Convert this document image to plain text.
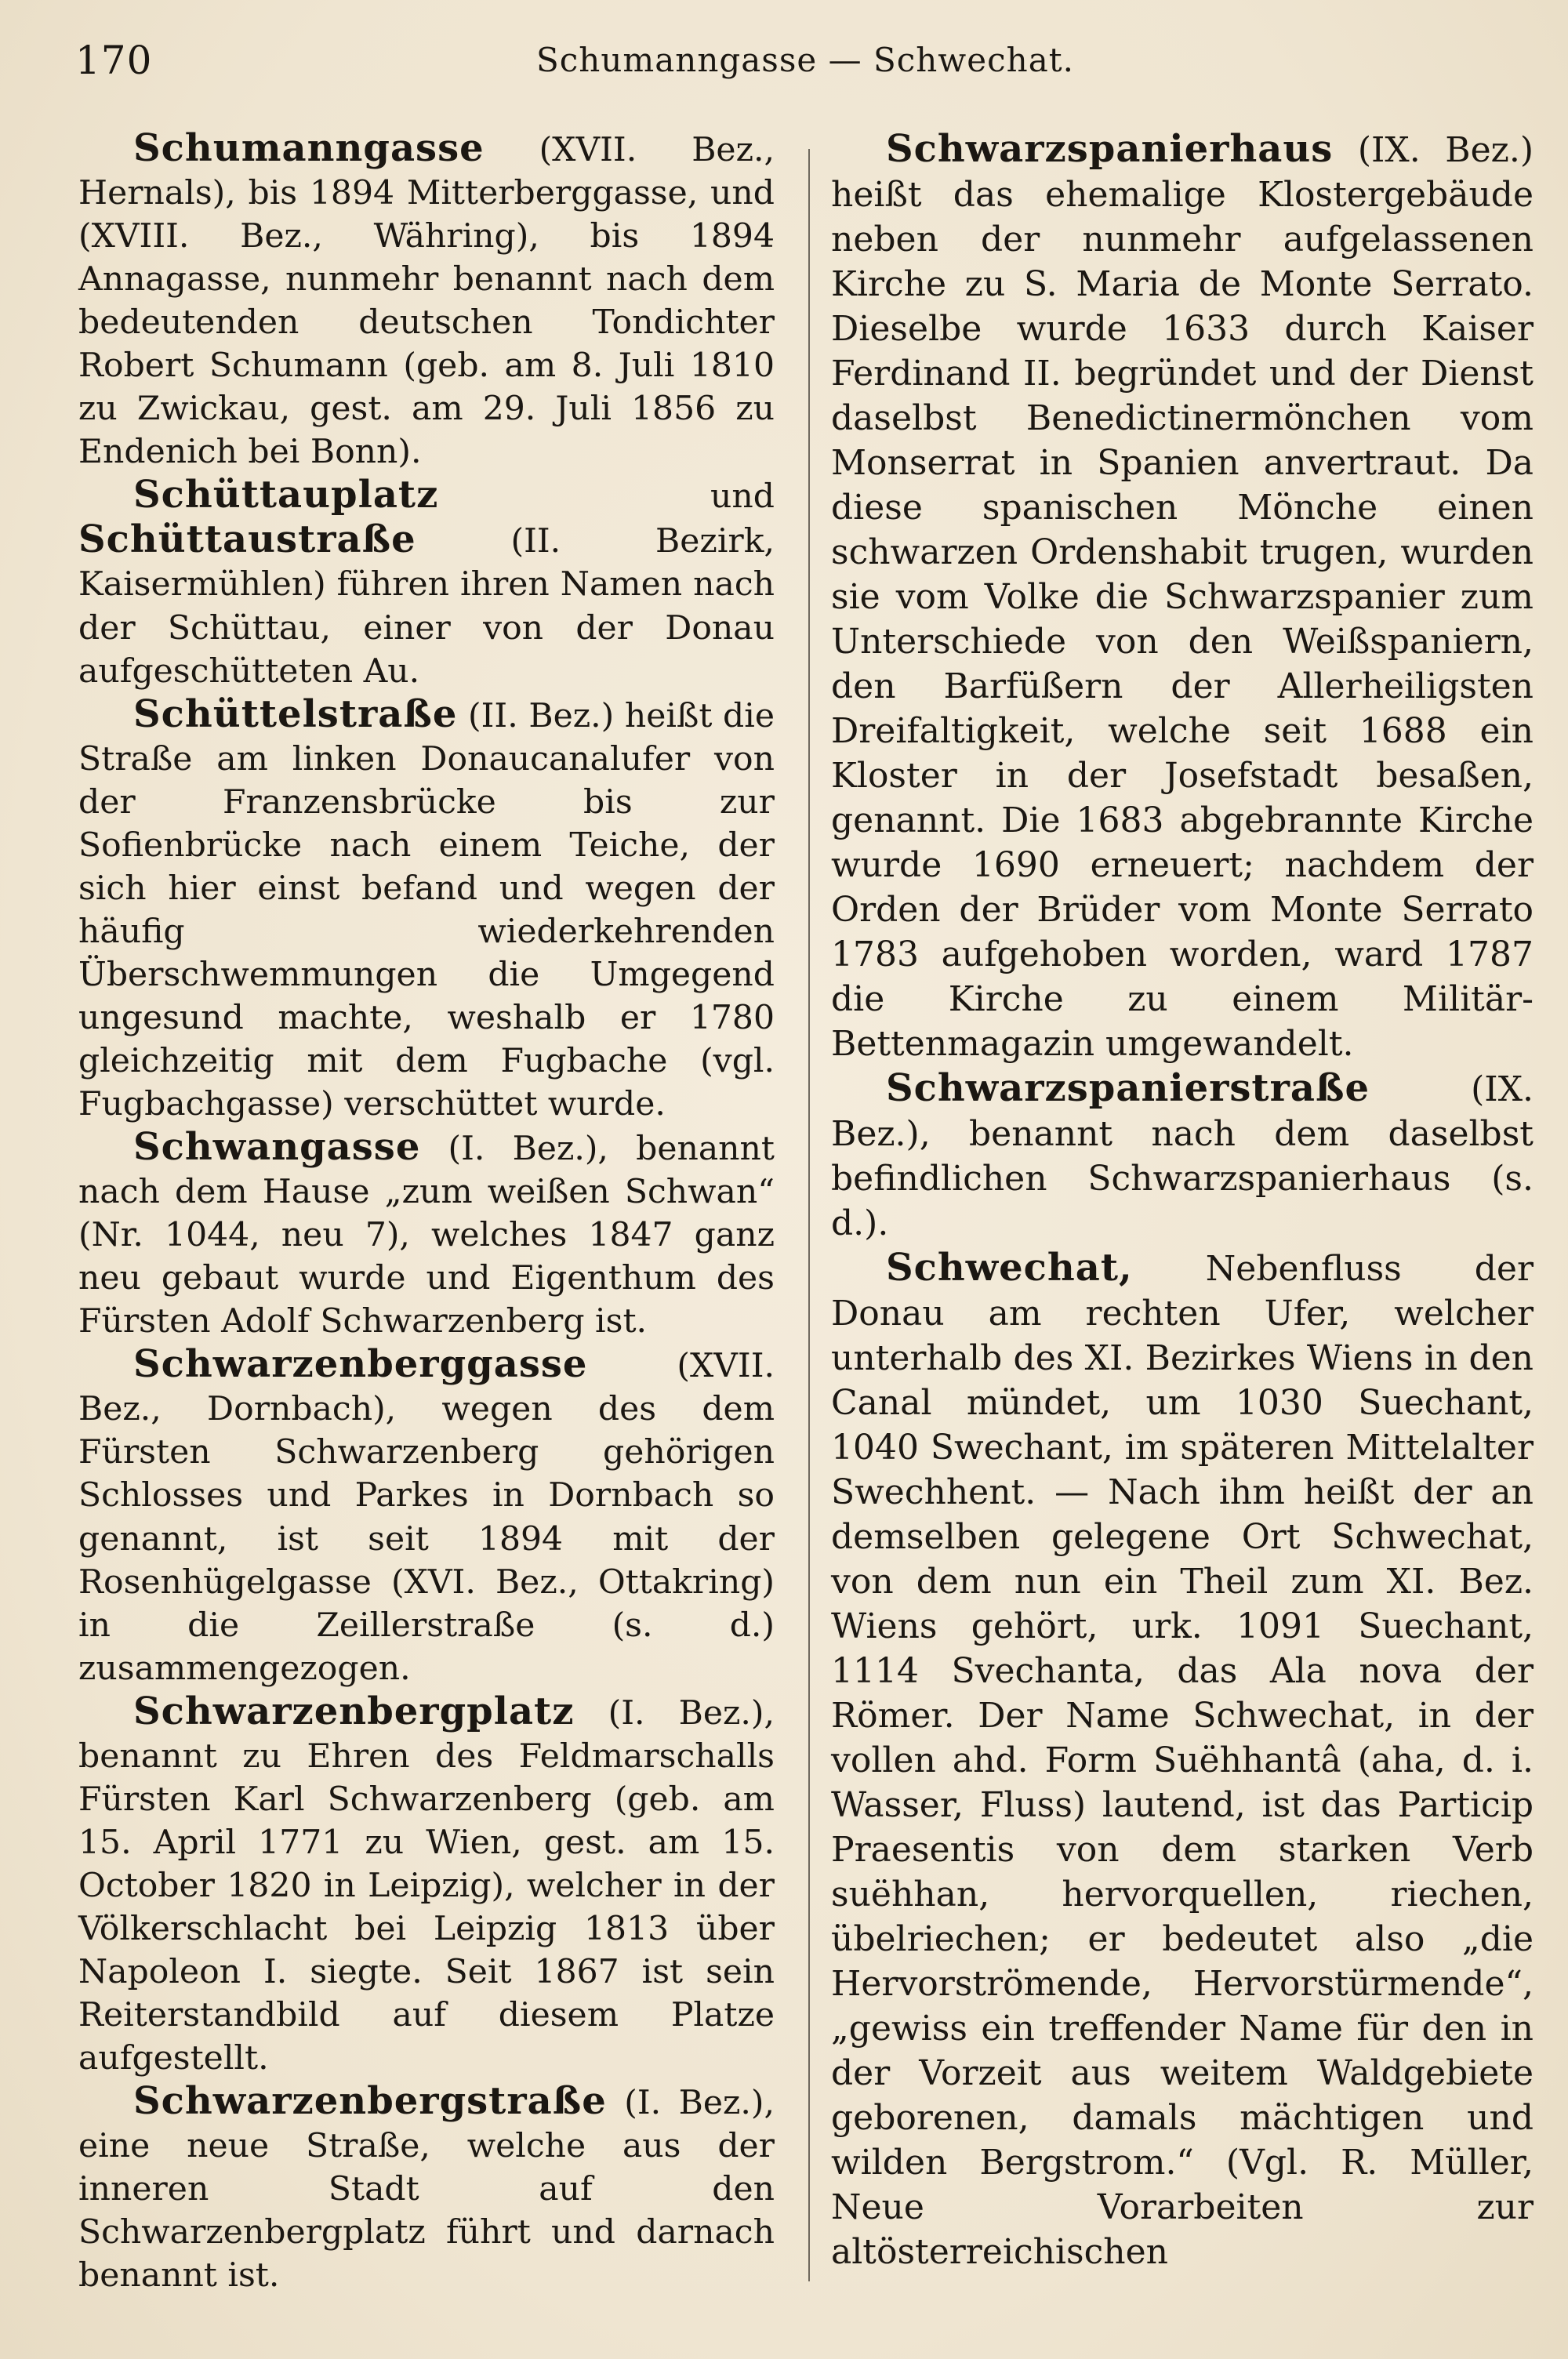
170	Schumanngasse — Schwechat.

Schumanngasse (XVII. Bez., Hernals), bis 1894 Mitterberggasse, und (XVIII. Bez., Währing), bis 1894 Annagasse, nunmehr benannt nach dem bedeutenden deutschen Tondichter Robert Schumann (geb. am 8. Juli 1810 zu Zwickau, gest. am 29. Juli 1856 zu Endenich bei Bonn).

Schüttauplatz und Schüttaustraße (II. Bezirk, Kaisermühlen) führen ihren Namen nach der Schüttau, einer von der Donau aufgeschütteten Au.

Schüttelstraße (II. Bez.) heißt die Straße am linken Donaucanalufer von der Franzensbrücke bis zur Sofienbrücke nach einem Teiche, der sich hier einst befand und wegen der häufig wiederkehrenden Überschwemmungen die Umgegend ungesund machte, weshalb er 1780 gleichzeitig mit dem Fugbache (vgl. Fugbachgasse) verschüttet wurde.

Schwangasse (I. Bez.), benannt nach dem Hause „zum weißen Schwan“ (Nr. 1044, neu 7), welches 1847 ganz neu gebaut wurde und Eigenthum des Fürsten Adolf Schwarzenberg ist.

Schwarzenberggasse (XVII. Bez., Dornbach), wegen des dem Fürsten Schwarzenberg gehörigen Schlosses und Parkes in Dornbach so genannt, ist seit 1894 mit der Rosenhügelgasse (XVI. Bez., Ottakring) in die Zeillerstraße (s. d.) zusammengezogen.

Schwarzenbergplatz (I. Bez.), benannt zu Ehren des Feldmarschalls Fürsten Karl Schwarzenberg (geb. am 15. April 1771 zu Wien, gest. am 15. October 1820 in Leipzig), welcher in der Völkerschlacht bei Leipzig 1813 über Napoleon I. siegte. Seit 1867 ist sein Reiterstandbild auf diesem Platze aufgestellt.

Schwarzenbergstraße (I. Bez.), eine neue Straße, welche aus der inneren Stadt auf den Schwarzenbergplatz führt und darnach benannt ist.

Schwarzspanierhaus (IX. Bez.) heißt das ehemalige Klostergebäude neben der nunmehr aufgelassenen Kirche zu S. Maria de Monte Serrato. Dieselbe wurde 1633 durch Kaiser Ferdinand II. begründet und der Dienst daselbst Benedictinermönchen vom Monserrat in Spanien anvertraut. Da diese spanischen Mönche einen schwarzen Ordenshabit trugen, wurden sie vom Volke die Schwarzspanier zum Unterschiede von den Weißspaniern, den Barfüßern der Allerheiligsten Dreifaltigkeit, welche seit 1688 ein Kloster in der Josefstadt besaßen, genannt. Die 1683 abgebrannte Kirche wurde 1690 erneuert; nachdem der Orden der Brüder vom Monte Serrato 1783 aufgehoben worden, ward 1787 die Kirche zu einem Militär-Bettenmagazin umgewandelt.

Schwarzspanierstraße (IX. Bez.), benannt nach dem daselbst befindlichen Schwarzspanierhaus (s. d.).

Schwechat, Nebenfluss der Donau am rechten Ufer, welcher unterhalb des XI. Bezirkes Wiens in den Canal mündet, um 1030 Suechant, 1040 Swechant, im späteren Mittelalter Swechhent. — Nach ihm heißt der an demselben gelegene Ort Schwechat, von dem nun ein Theil zum XI. Bez. Wiens gehört, urk. 1091 Suechant, 1114 Svechanta, das Ala nova der Römer. Der Name Schwechat, in der vollen ahd. Form Suëhhantâ (aha, d. i. Wasser, Fluss) lautend, ist das Particip Praesentis von dem starken Verb suëhhan, hervorquellen, riechen, übelriechen; er bedeutet also „die Hervorströmende, Hervorstürmende“, „gewiss ein treffender Name für den in der Vorzeit aus weitem Waldgebiete geborenen, damals mächtigen und wilden Bergstrom.“ (Vgl. R. Müller, Neue Vorarbeiten zur altösterreichischen
